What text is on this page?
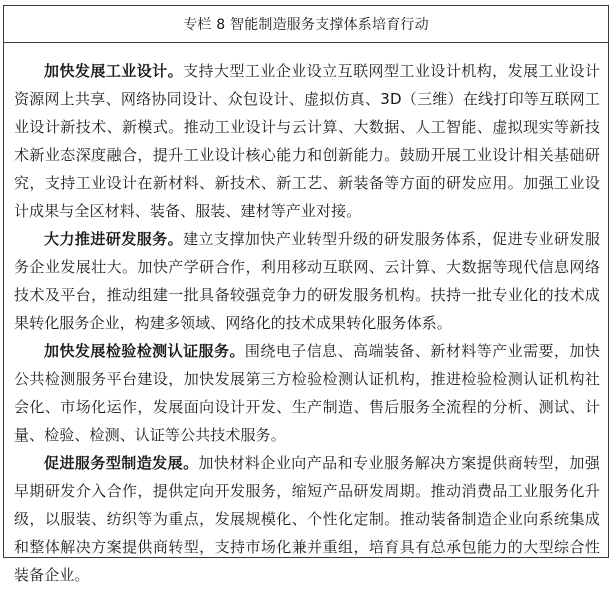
专栏 8 智能制造服务支撑体系培育行动

加快发展工业设计。支持大型工业企业设立互联网型工业设计机构，发展工业设计资源网上共享、网络协同设计、众包设计、虚拟仿真、3D（三维）在线打印等互联网工业设计新技术、新模式。推动工业设计与云计算、大数据、人工智能、虚拟现实等新技术新业态深度融合，提升工业设计核心能力和创新能力。鼓励开展工业设计相关基础研究，支持工业设计在新材料、新技术、新工艺、新装备等方面的研发应用。加强工业设计成果与全区材料、装备、服装、建材等产业对接。

大力推进研发服务。建立支撑加快产业转型升级的研发服务体系，促进专业研发服务企业发展壮大。加快产学研合作，利用移动互联网、云计算、大数据等现代信息网络技术及平台，推动组建一批具备较强竞争力的研发服务机构。扶持一批专业化的技术成果转化服务企业，构建多领域、网络化的技术成果转化服务体系。

加快发展检验检测认证服务。围绕电子信息、高端装备、新材料等产业需要，加快公共检测服务平台建设，加快发展第三方检验检测认证机构，推进检验检测认证机构社会化、市场化运作，发展面向设计开发、生产制造、售后服务全流程的分析、测试、计量、检验、检测、认证等公共技术服务。

促进服务型制造发展。加快材料企业向产品和专业服务解决方案提供商转型，加强早期研发介入合作，提供定向开发服务，缩短产品研发周期。推动消费品工业服务化升级，以服装、纺织等为重点，发展规模化、个性化定制。推动装备制造企业向系统集成和整体解决方案提供商转型，支持市场化兼并重组，培育具有总承包能力的大型综合性装备企业。
